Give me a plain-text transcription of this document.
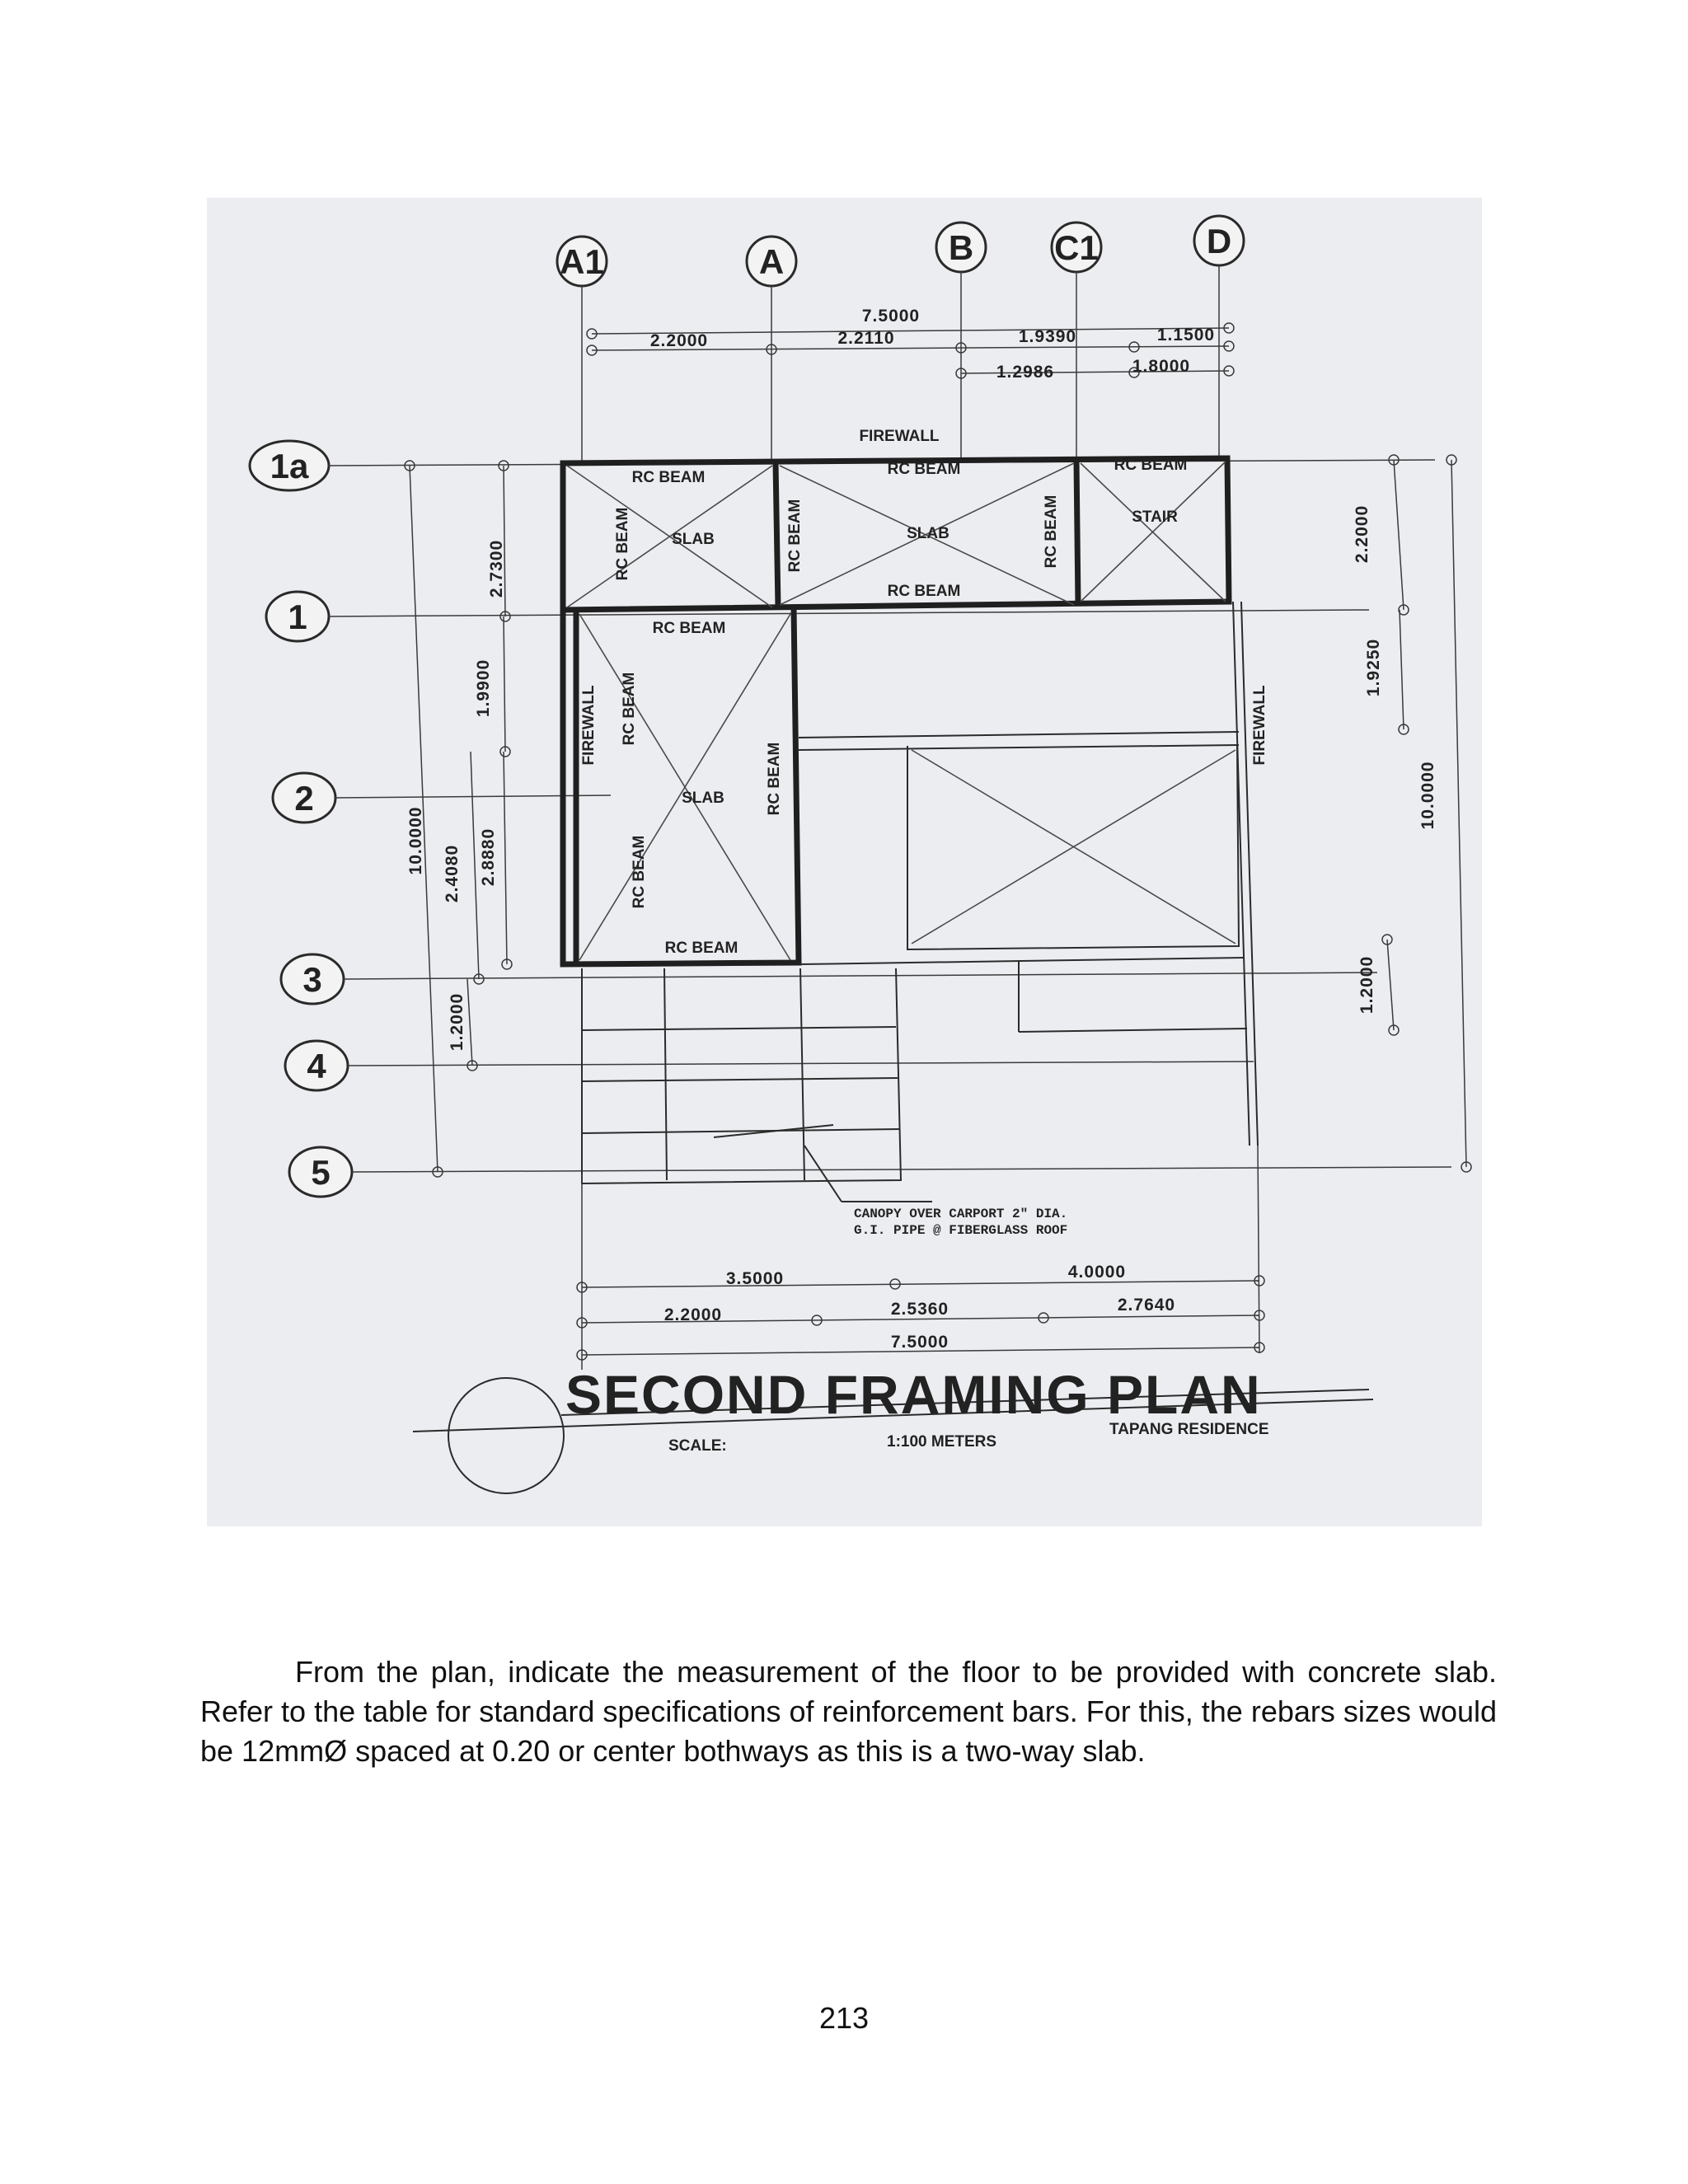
A1	A	B C1	D
1a
1
2
3
4
5
7.5000
2.2000	2.2110	1.9390	1.1500
1.2986	1.8000
10.0000
2.7300
1.9900
2.8880
2.4080
1.2000
2.2000
1.9250
10.0000
1.2000
FIREWALL
RC BEAM	RC BEAM	RC BEAM
SLAB	SLAB
STAIR
RC BEAM
RC BEAM	RC BEAM	RC BEAM
RC BEAM
RC BEAM
FIREWALL
SLAB	RC BEAM
RC BEAM
RC BEAM
FIREWALL
CANOPY OVER CARPORT 2" DIA.
G.I. PIPE @ FIBERGLASS ROOF
3.5000	4.0000
2.2000	2.5360	2.7640
7.5000
SECOND FRAMING PLAN
SCALE:	1:100 METERS
TAPANG RESIDENCE

From the plan, indicate the measurement of the floor to be provided with concrete slab. Refer to the table for standard specifications of reinforcement bars. For this, the rebars sizes would be 12mmØ spaced at 0.20 or center bothways as this is a two-way slab.

213
